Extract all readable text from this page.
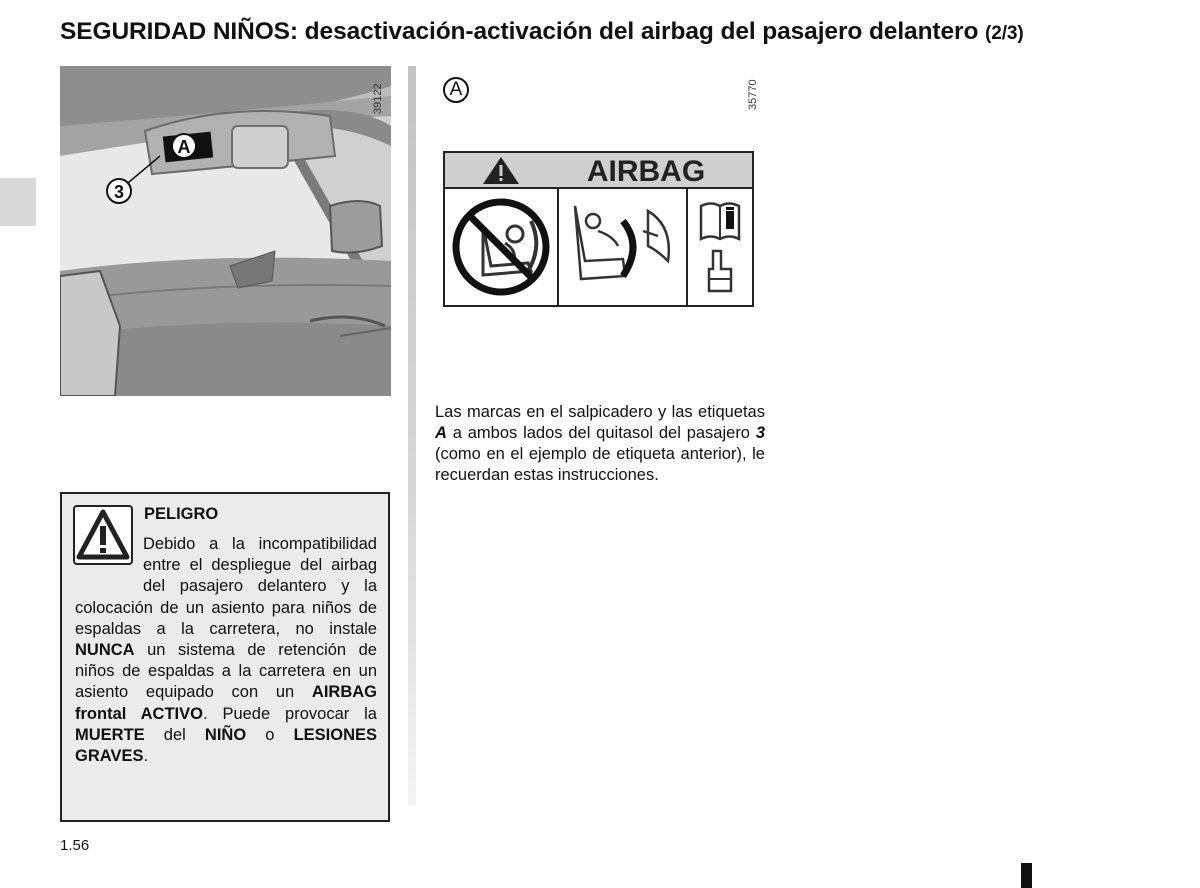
SEGURIDAD NIÑOS: desactivación-activación del airbag del pasajero delantero (2/3)
A
3
39122	A	35770
AIRBAG

Las marcas en el salpicadero y las etiquetas A a ambos lados del quitasol del pasajero 3 (como en el ejemplo de etiqueta anterior), le recuerdan estas instrucciones.

PELIGRO

Debido a la incompatibilidad entre el despliegue del airbag del pasajero delantero y la colocación de un asiento para niños de espaldas a la carretera, no instale NUNCA un sistema de retención de niños de espaldas a la carretera en un asiento equipado con un AIRBAG frontal ACTIVO. Puede provocar la MUERTE del NIÑO o LESIONES GRAVES.

1.56
